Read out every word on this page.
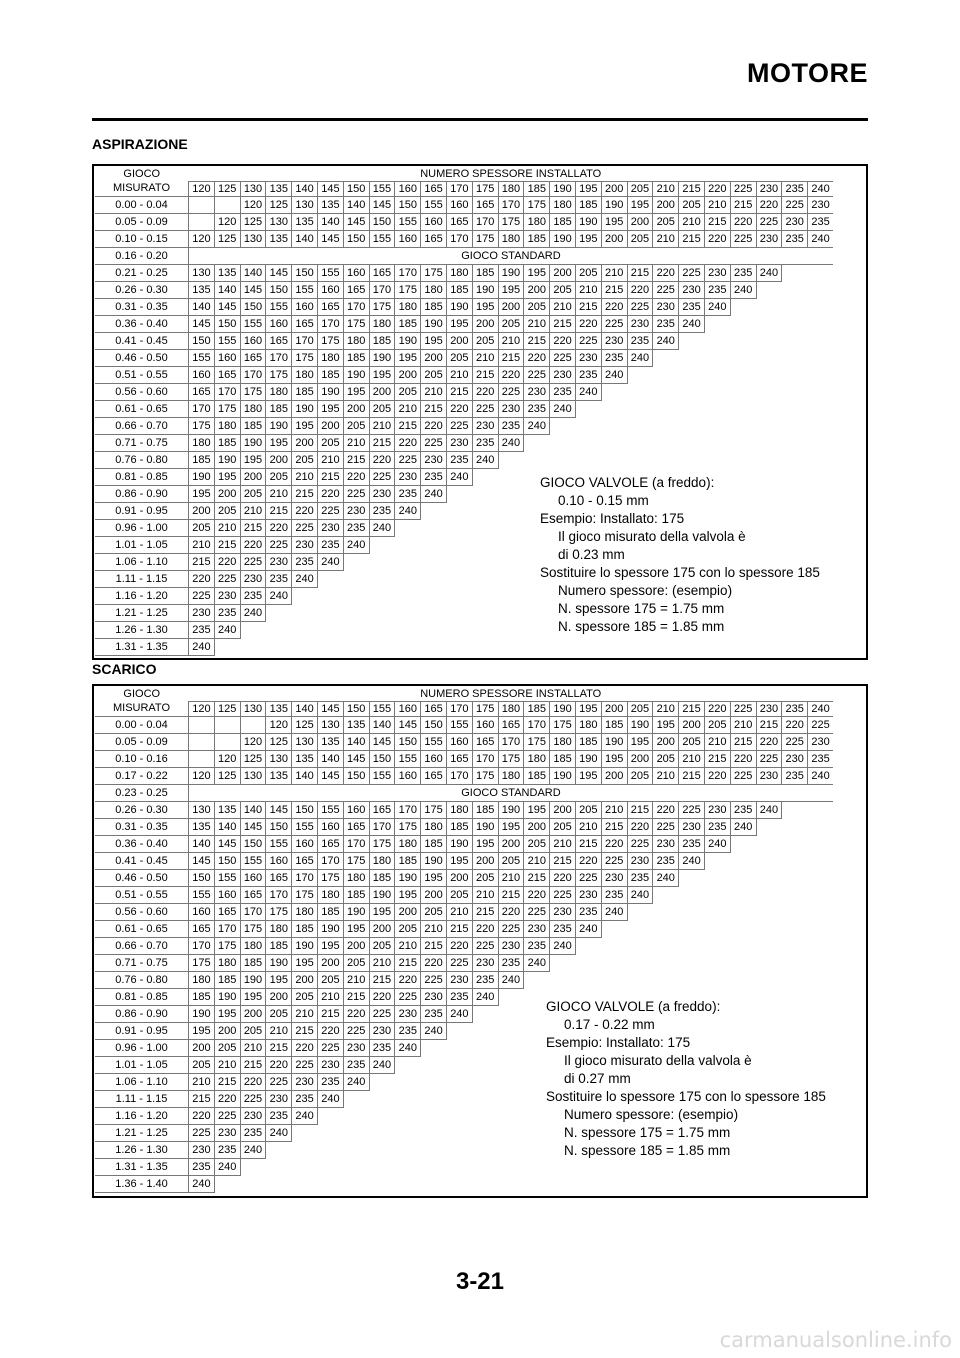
MOTORE
ASPIRAZIONE
GIOCO	NUMERO SPESSORE INSTALLATO																								
MISURATO	120	125	130	135	140	145	150	155	160	165	170	175	180	185	190	195	200	205	210	215	220	225	230	235	240
0.00 - 0.04			120	125	130	135	140	145	150	155	160	165	170	175	180	185	190	195	200	205	210	215	220	225	230
0.05 - 0.09		120	125	130	135	140	145	150	155	160	165	170	175	180	185	190	195	200	205	210	215	220	225	230	235
0.10 - 0.15	120	125	130	135	140	145	150	155	160	165	170	175	180	185	190	195	200	205	210	215	220	225	230	235	240
0.16 - 0.20	GIOCO STANDARD																								
0.21 - 0.25	130	135	140	145	150	155	160	165	170	175	180	185	190	195	200	205	210	215	220	225	230	235	240		
0.26 - 0.30	135	140	145	150	155	160	165	170	175	180	185	190	195	200	205	210	215	220	225	230	235	240			
0.31 - 0.35	140	145	150	155	160	165	170	175	180	185	190	195	200	205	210	215	220	225	230	235	240				
0.36 - 0.40	145	150	155	160	165	170	175	180	185	190	195	200	205	210	215	220	225	230	235	240					
0.41 - 0.45	150	155	160	165	170	175	180	185	190	195	200	205	210	215	220	225	230	235	240						
0.46 - 0.50	155	160	165	170	175	180	185	190	195	200	205	210	215	220	225	230	235	240							
0.51 - 0.55	160	165	170	175	180	185	190	195	200	205	210	215	220	225	230	235	240								
0.56 - 0.60	165	170	175	180	185	190	195	200	205	210	215	220	225	230	235	240									
0.61 - 0.65	170	175	180	185	190	195	200	205	210	215	220	225	230	235	240										
0.66 - 0.70	175	180	185	190	195	200	205	210	215	220	225	230	235	240											
0.71 - 0.75	180	185	190	195	200	205	210	215	220	225	230	235	240												
0.76 - 0.80	185	190	195	200	205	210	215	220	225	230	235	240													
0.81 - 0.85	190	195	200	205	210	215	220	225	230	235	240														
0.86 - 0.90	195	200	205	210	215	220	225	230	235	240															
0.91 - 0.95	200	205	210	215	220	225	230	235	240																
0.96 - 1.00	205	210	215	220	225	230	235	240																	
1.01 - 1.05	210	215	220	225	230	235	240																		
1.06 - 1.10	215	220	225	230	235	240																			
1.11 - 1.15	220	225	230	235	240																				
1.16 - 1.20	225	230	235	240																					
1.21 - 1.25	230	235	240																						
1.26 - 1.30	235	240																							
1.31 - 1.35	240																								
GIOCO VALVOLE (a freddo):
0.10 - 0.15 mm
Esempio: Installato: 175
Il gioco misurato della valvola è
di 0.23 mm
Sostituire lo spessore 175 con lo spessore 185
Numero spessore: (esempio)
N. spessore 175 = 1.75 mm
N. spessore 185 = 1.85 mm
SCARICO
GIOCO	NUMERO SPESSORE INSTALLATO																								
MISURATO	120	125	130	135	140	145	150	155	160	165	170	175	180	185	190	195	200	205	210	215	220	225	230	235	240
0.00 - 0.04				120	125	130	135	140	145	150	155	160	165	170	175	180	185	190	195	200	205	210	215	220	225
0.05 - 0.09			120	125	130	135	140	145	150	155	160	165	170	175	180	185	190	195	200	205	210	215	220	225	230
0.10 - 0.16		120	125	130	135	140	145	150	155	160	165	170	175	180	185	190	195	200	205	210	215	220	225	230	235
0.17 - 0.22	120	125	130	135	140	145	150	155	160	165	170	175	180	185	190	195	200	205	210	215	220	225	230	235	240
0.23 - 0.25	GIOCO STANDARD																								
0.26 - 0.30	130	135	140	145	150	155	160	165	170	175	180	185	190	195	200	205	210	215	220	225	230	235	240		
0.31 - 0.35	135	140	145	150	155	160	165	170	175	180	185	190	195	200	205	210	215	220	225	230	235	240			
0.36 - 0.40	140	145	150	155	160	165	170	175	180	185	190	195	200	205	210	215	220	225	230	235	240				
0.41 - 0.45	145	150	155	160	165	170	175	180	185	190	195	200	205	210	215	220	225	230	235	240					
0.46 - 0.50	150	155	160	165	170	175	180	185	190	195	200	205	210	215	220	225	230	235	240						
0.51 - 0.55	155	160	165	170	175	180	185	190	195	200	205	210	215	220	225	230	235	240							
0.56 - 0.60	160	165	170	175	180	185	190	195	200	205	210	215	220	225	230	235	240								
0.61 - 0.65	165	170	175	180	185	190	195	200	205	210	215	220	225	230	235	240									
0.66 - 0.70	170	175	180	185	190	195	200	205	210	215	220	225	230	235	240										
0.71 - 0.75	175	180	185	190	195	200	205	210	215	220	225	230	235	240											
0.76 - 0.80	180	185	190	195	200	205	210	215	220	225	230	235	240												
0.81 - 0.85	185	190	195	200	205	210	215	220	225	230	235	240													
0.86 - 0.90	190	195	200	205	210	215	220	225	230	235	240														
0.91 - 0.95	195	200	205	210	215	220	225	230	235	240															
0.96 - 1.00	200	205	210	215	220	225	230	235	240																
1.01 - 1.05	205	210	215	220	225	230	235	240																	
1.06 - 1.10	210	215	220	225	230	235	240																		
1.11 - 1.15	215	220	225	230	235	240																			
1.16 - 1.20	220	225	230	235	240																				
1.21 - 1.25	225	230	235	240																					
1.26 - 1.30	230	235	240																						
1.31 - 1.35	235	240																							
1.36 - 1.40	240																								
GIOCO VALVOLE (a freddo):
0.17 - 0.22 mm
Esempio: Installato: 175
Il gioco misurato della valvola è
di 0.27 mm
Sostituire lo spessore 175 con lo spessore 185
Numero spessore: (esempio)
N. spessore 175 = 1.75 mm
N. spessore 185 = 1.85 mm
3-21
carmanualsonline.info
